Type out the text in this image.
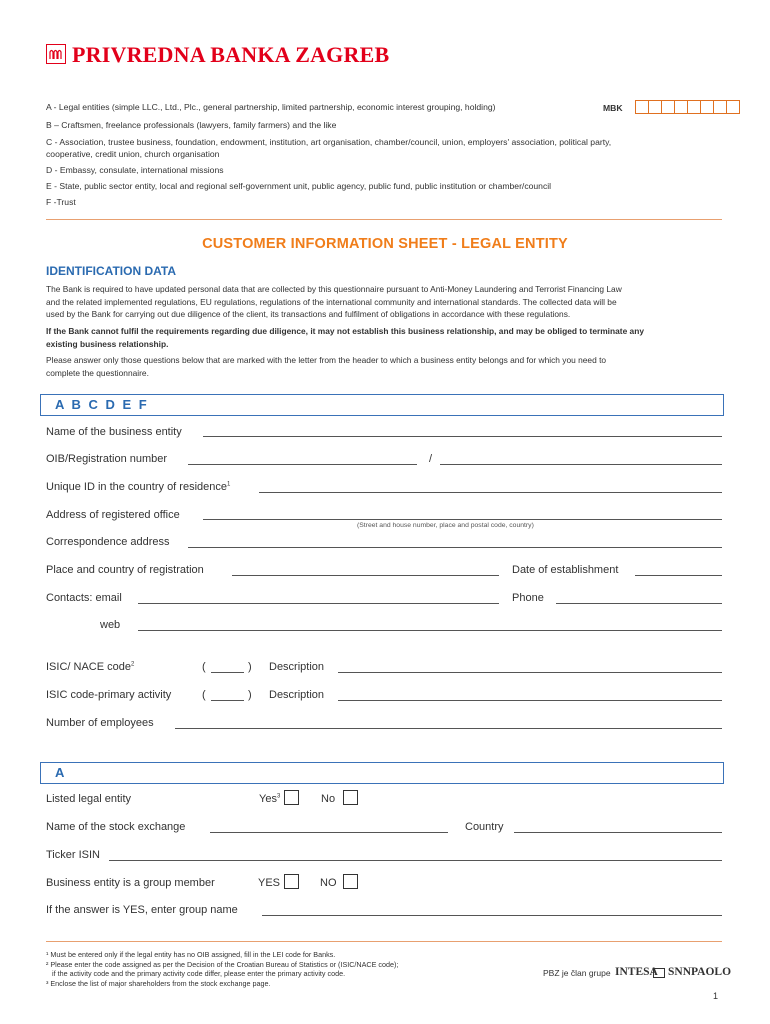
PRIVREDNA BANKA ZAGREB
A - Legal entities (simple LLC., Ltd., Plc., general partnership, limited partnership, economic interest grouping, holding)	MBK
B – Craftsmen, freelance professionals (lawyers, family farmers) and the like
C - Association, trustee business, foundation, endowment, institution, art organisation, chamber/council, union, employers' association, political party,
cooperative, credit union, church organisation
D - Embassy, consulate, international missions
E - State, public sector entity, local and regional self-government unit, public agency, public fund, public institution or chamber/council
F -Trust
CUSTOMER INFORMATION SHEET - LEGAL ENTITY
IDENTIFICATION DATA
The Bank is required to have updated personal data that are collected by this questionnaire pursuant to Anti-Money Laundering and Terrorist Financing Law
and the related implemented regulations, EU regulations, regulations of the international community and international standards. The collected data will be
used by the Bank for carrying out due diligence of the client, its transactions and fulfilment of obligations in accordance with these regulations.
If the Bank cannot fulfil the requirements regarding due diligence, it may not establish this business relationship, and may be obliged to terminate any
existing business relationship.
Please answer only those questions below that are marked with the letter from the header to which a business entity belongs and for which you need to
complete the questionnaire.
A B C D E F
Name of the business entity
OIB/Registration number	/
Unique ID in the country of residence$^1$
Address of registered office
(Street and house number, place and postal code, country)
Correspondence address
Place and country of registration	Date of establishment
Contacts: email	Phone
web
ISIC/ NACE code$^2$	(	) Description
ISIC code-primary activity	(	) Description
Number of employees
A
Listed legal entity	Yes$^3$	No
Name of the stock exchange	Country
Ticker ISIN
Business entity is a group member	YES	NO
If the answer is YES, enter group name
¹ Must be entered only if the legal entity has no OIB assigned, fill in the LEI code for Banks.
² Please enter the code assigned as per the Decision of the Croatian Bureau of Statistics or (ISIC/NACE code);
if the activity code and the primary activity code differ, please enter the primary activity code.
³ Enclose the list of major shareholders from the stock exchange page.
PBZ je član grupe INTESA SNNPAOLO
1
